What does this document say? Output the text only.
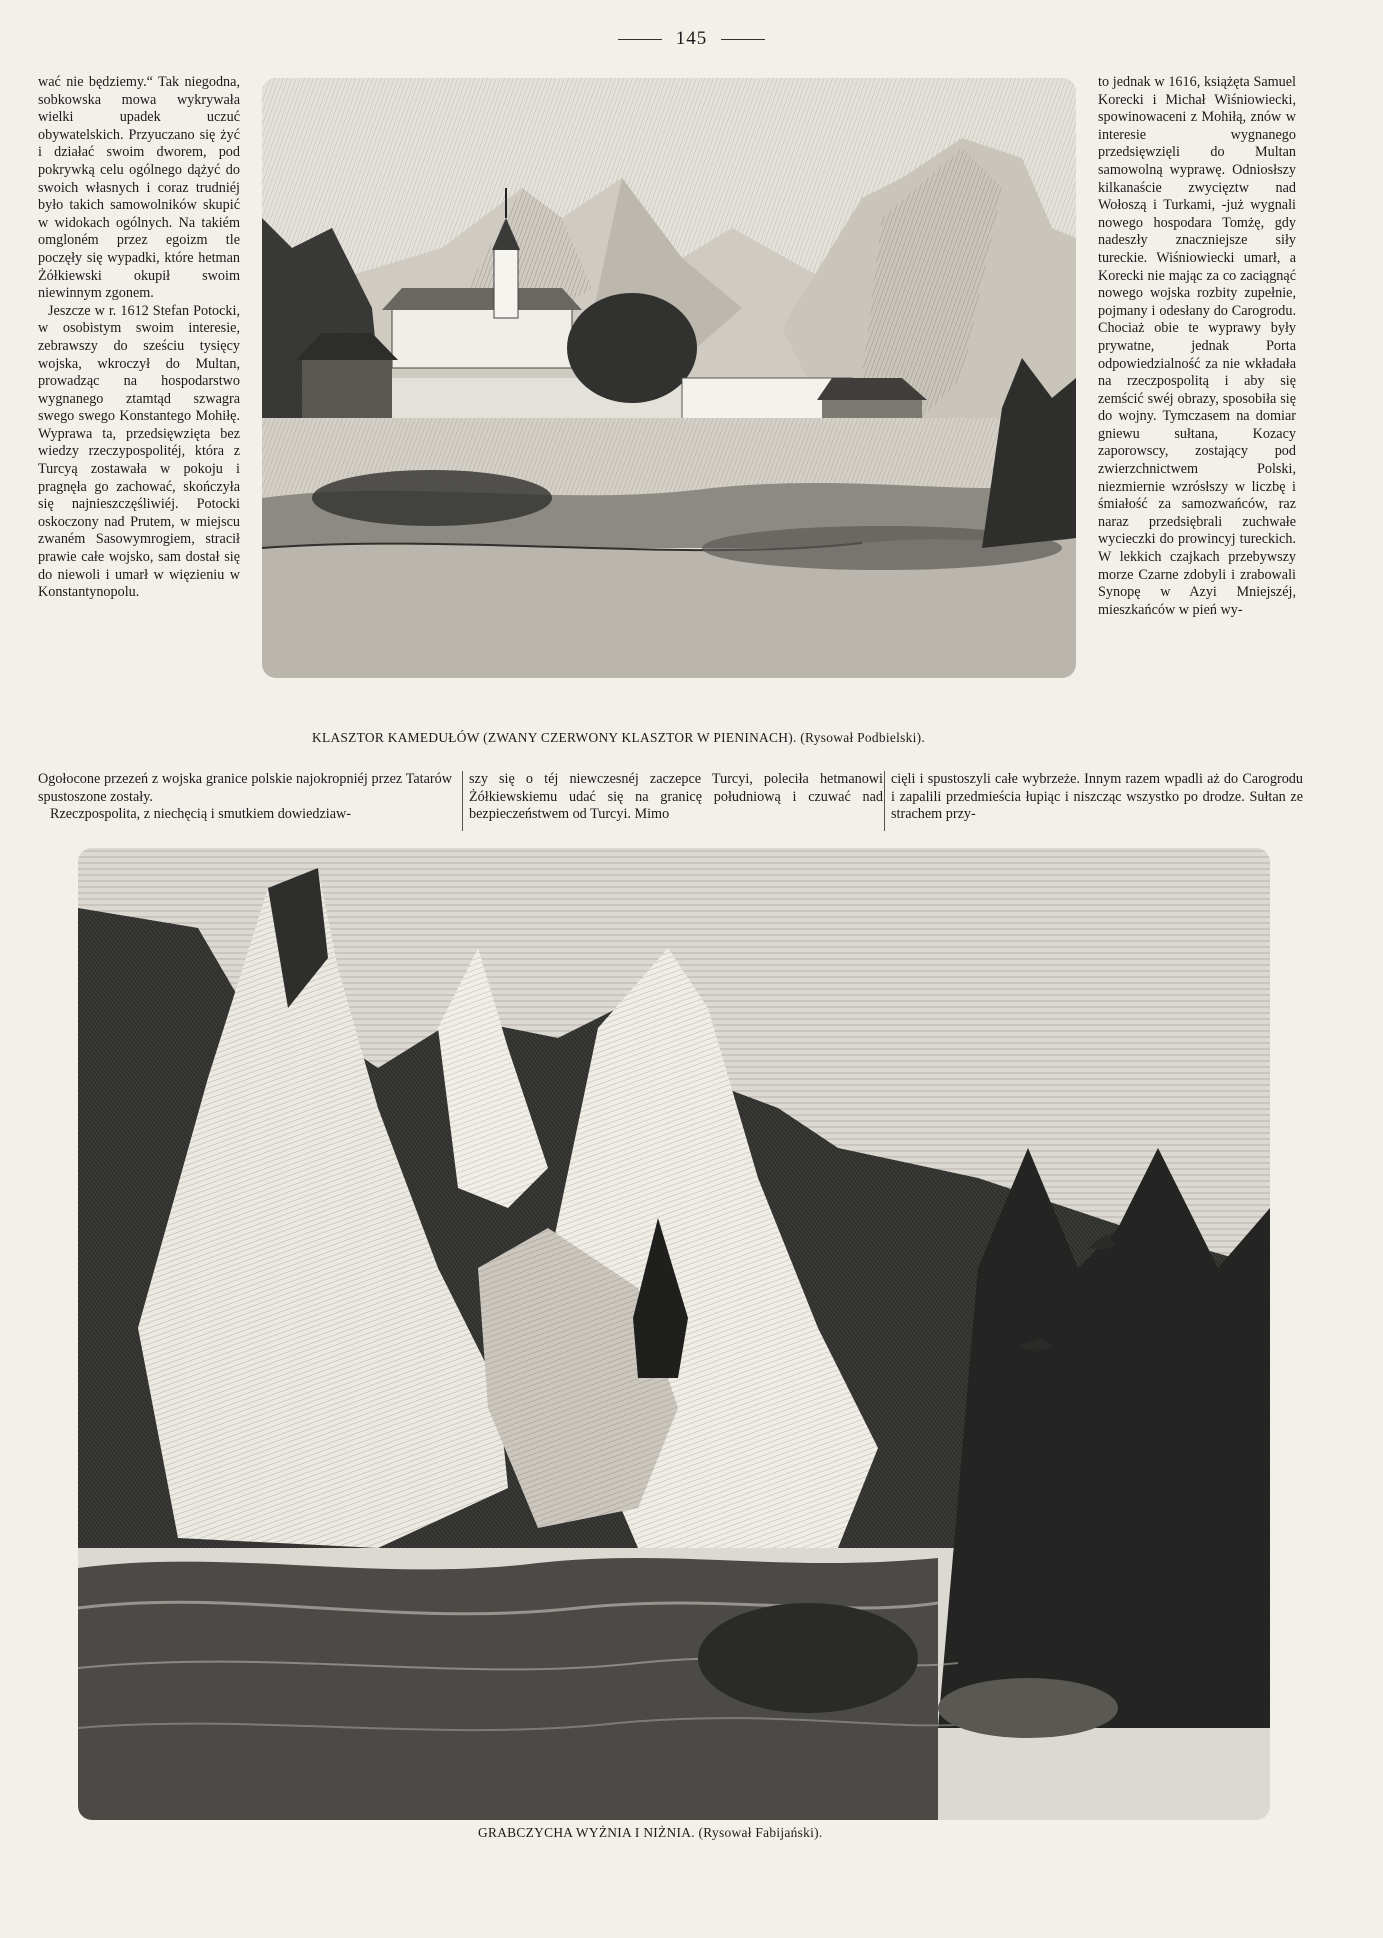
145

wać nie będziemy.“ Tak niegodna, sobkowska mowa wykrywała wielki upadek uczuć obywatelskich. Przyuczano się żyć i działać swoim dworem, pod pokrywką celu ogólnego dążyć do swoich własnych i coraz trudniéj było takich samowolników skupić w widokach ogólnych. Na takiém omgloném przez egoizm tle poczęły się wypadki, które hetman Żółkiewski okupił swoim niewinnym zgonem.

Jeszcze w r. 1612 Stefan Potocki, w osobistym swoim interesie, zebrawszy do sześciu tysięcy wojska, wkroczył do Multan, prowadząc na hospodarstwo wygnanego ztamtąd szwagra swego swego Konstantego Mohiłę. Wyprawa ta, przedsięwzięta bez wiedzy rzeczypospolitéj, która z Turcyą zostawała w pokoju i pragnęła go zachować, skończyła się najnieszczęśliwiéj. Potocki oskoczony nad Prutem, w miejscu zwaném Sasowymrogiem, stracił prawie całe wojsko, sam dostał się do niewoli i umarł w więzieniu w Konstantynopolu.

to jednak w 1616, książęta Samuel Korecki i Michał Wiśniowiecki, spowinowaceni z Mohiłą, znów w interesie wygnanego przedsięwzięli do Multan samowolną wyprawę. Odniosłszy kilkanaście zwycięztw nad Wołoszą i Turkami, -już wygnali nowego hospodara Tomżę, gdy nadeszły znaczniejsze siły tureckie. Wiśniowiecki umarł, a Korecki nie mając za co zaciągnąć nowego wojska rozbity zupełnie, pojmany i odesłany do Carogrodu. Chociaż obie te wyprawy były prywatne, jednak Porta odpowiedzialność za nie wkładała na rzeczpospolitą i aby się zemścić swéj obrazy, sposobiła się do wojny. Tymczasem na domiar gniewu sułtana, Kozacy zaporowscy, zostający pod zwierzchnictwem Polski, niezmiernie wzrósłszy w liczbę i śmiałość za samozwańców, raz naraz przedsiębrali zuchwałe wycieczki do prowincyj tureckich. W lekkich czajkach przebywszy morze Czarne zdobyli i zrabowali Synopę w Azyi Mniejszéj, mieszkańców w pień wy-

KLASZTOR KAMEDUŁÓW (ZWANY CZERWONY KLASZTOR W PIENINACH). (Rysował Podbielski).

Ogołocone przezeń z wojska granice polskie najokropniéj przez Tatarów spustoszone zostały.

Rzeczpospolita, z niechęcią i smutkiem dowiedziaw-

szy się o téj niewczesnéj zaczepce Turcyi, poleciła hetmanowi Żółkiewskiemu udać się na granicę południową i czuwać nad bezpieczeństwem od Turcyi. Mimo

cięli i spustoszyli całe wybrzeże. Innym razem wpadli aż do Carogrodu i zapalili przedmieścia łupiąc i niszcząc wszystko po drodze. Sułtan ze strachem przy-

GRABCZYCHA WYŻNIA I NIŻNIA. (Rysował Fabijański).
